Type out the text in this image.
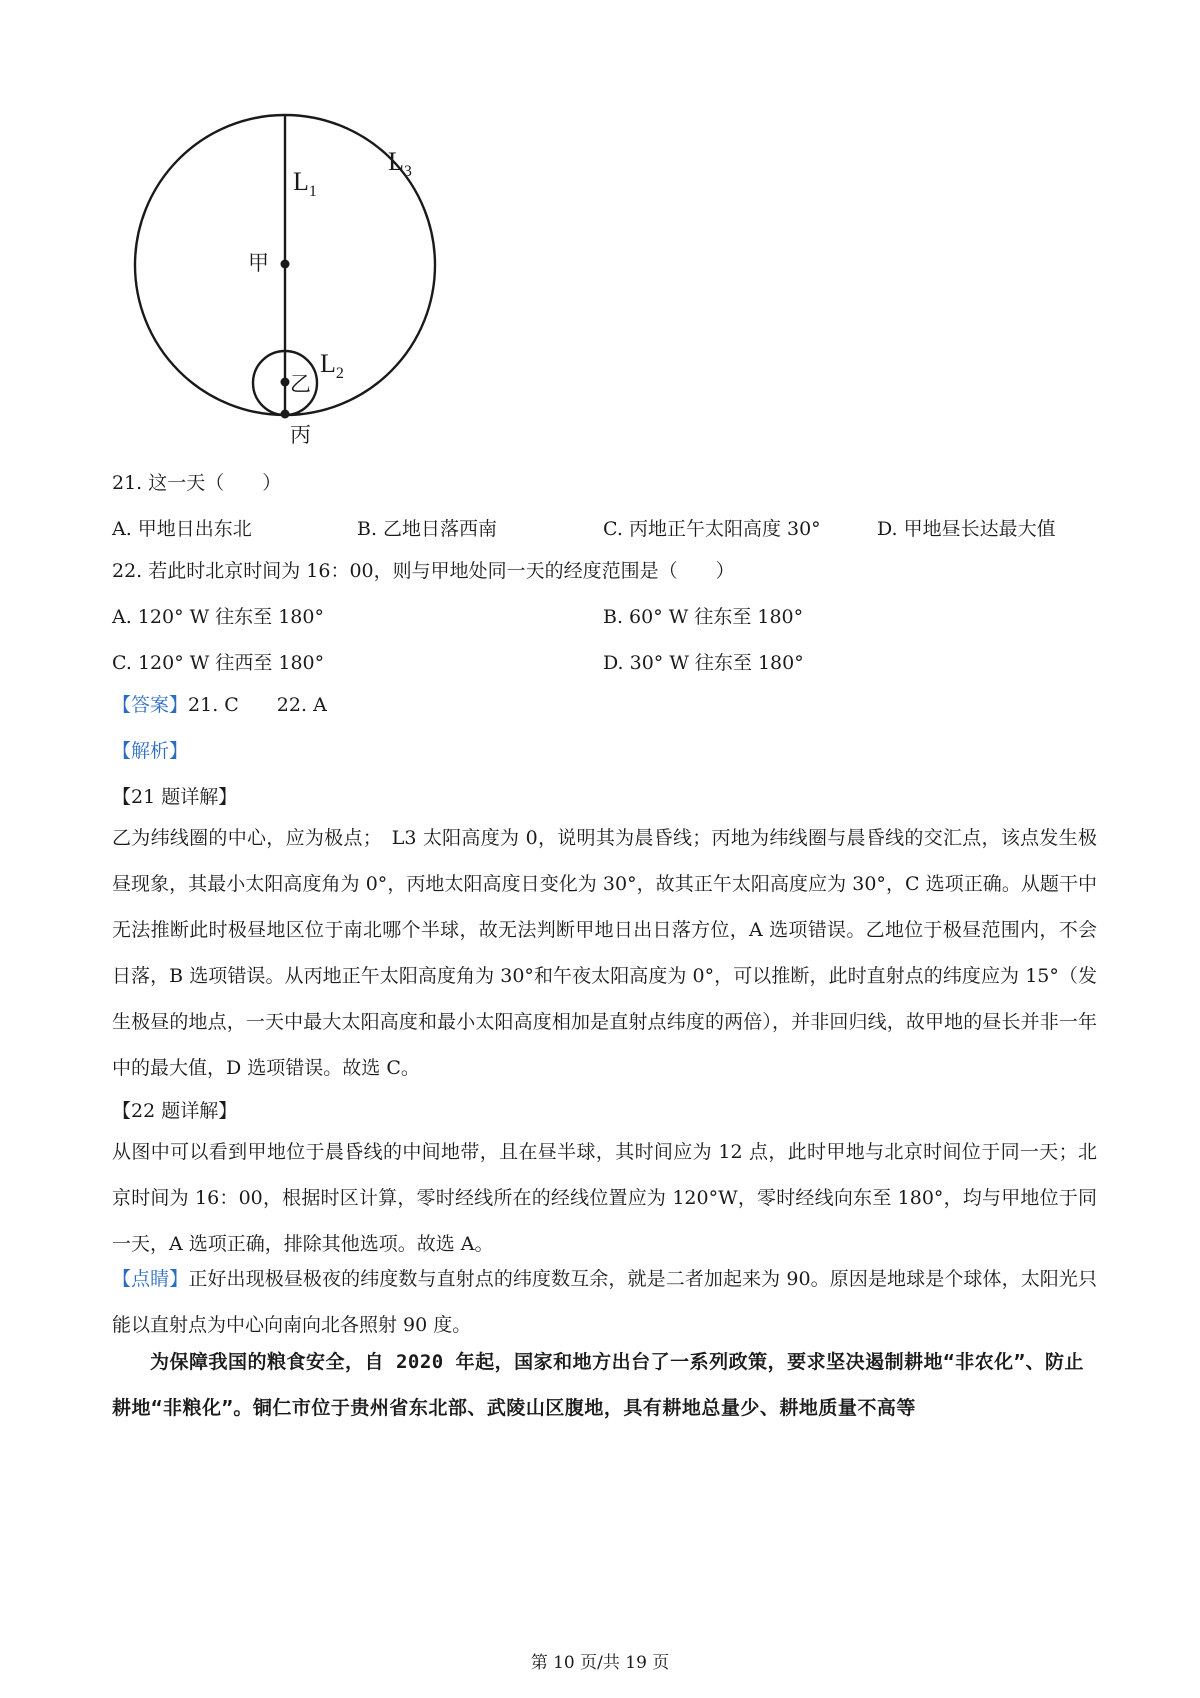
$L_1$
$L_3$
$L_2$
甲
乙
丙
21. 这一天（　　）
A. 甲地日出东北	B. 乙地日落西南	C. 丙地正午太阳高度 30°	D. 甲地昼长达最大值
22. 若此时北京时间为 16：00，则与甲地处同一天的经度范围是（　　）
A. 120° W 往东至 180°	B. 60° W 往东至 180°
C. 120° W 往西至 180°	D. 30° W 往东至 180°
【答案】21. C　　22. A
【解析】
【21 题详解】

乙为纬线圈的中心，应为极点；　L3 太阳高度为 0，说明其为晨昏线；丙地为纬线圈与晨昏线的交汇点，该点发生极昼现象，其最小太阳高度角为 0°，丙地太阳高度日变化为 30°，故其正午太阳高度应为 30°，C 选项正确。从题干中无法推断此时极昼地区位于南北哪个半球，故无法判断甲地日出日落方位，A 选项错误。乙地位于极昼范围内，不会日落，B 选项错误。从丙地正午太阳高度角为 30°和午夜太阳高度为 0°，可以推断，此时直射点的纬度应为 15°（发生极昼的地点，一天中最大太阳高度和最小太阳高度相加是直射点纬度的两倍），并非回归线，故甲地的昼长并非一年中的最大值，D 选项错误。故选 C。

【22 题详解】

从图中可以看到甲地位于晨昏线的中间地带，且在昼半球，其时间应为 12 点，此时甲地与北京时间位于同一天；北京时间为 16：00，根据时区计算，零时经线所在的经线位置应为 120°W，零时经线向东至 180°，均与甲地位于同一天，A 选项正确，排除其他选项。故选 A。

【点睛】正好出现极昼极夜的纬度数与直射点的纬度数互余，就是二者加起来为 90。原因是地球是个球体，太阳光只能以直射点为中心向南向北各照射 90 度。

为保障我国的粮食安全，自 2020 年起，国家和地方出台了一系列政策，要求坚决遏制耕地“非农化”、防止耕地“非粮化”。铜仁市位于贵州省东北部、武陵山区腹地，具有耕地总量少、耕地质量不高等

第 10 页/共 19 页
